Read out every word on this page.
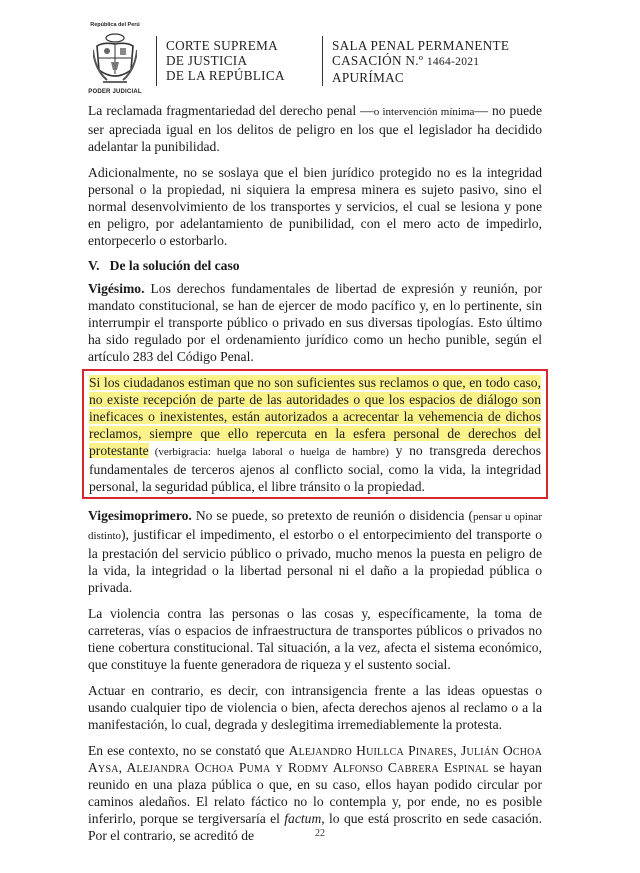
República del Perú
PODER JUDICIAL
CORTE SUPREMA
DE JUSTICIA
DE LA REPÚBLICA
SALA PENAL PERMANENTE
CASACIÓN N.º 1464-2021
APURÍMAC

La reclamada fragmentariedad del derecho penal —o intervención mínima— no puede ser apreciada igual en los delitos de peligro en los que el legislador ha decidido adelantar la punibilidad.

Adicionalmente, no se soslaya que el bien jurídico protegido no es la integridad personal o la propiedad, ni siquiera la empresa minera es sujeto pasivo, sino el normal desenvolvimiento de los transportes y servicios, el cual se lesiona y pone en peligro, por adelantamiento de punibilidad, con el mero acto de impedirlo, entorpecerlo o estorbarlo.

V.   De la solución del caso

Vigésimo. Los derechos fundamentales de libertad de expresión y reunión, por mandato constitucional, se han de ejercer de modo pacífico y, en lo pertinente, sin interrumpir el transporte público o privado en sus diversas tipologías. Esto último ha sido regulado por el ordenamiento jurídico como un hecho punible, según el artículo 283 del Código Penal.

Si los ciudadanos estiman que no son suficientes sus reclamos o que, en todo caso, no existe recepción de parte de las autoridades o que los espacios de diálogo son ineficaces o inexistentes, están autorizados a acrecentar la vehemencia de dichos reclamos, siempre que ello repercuta en la esfera personal de derechos del protestante (verbigracia: huelga laboral o huelga de hambre) y no transgreda derechos fundamentales de terceros ajenos al conflicto social, como la vida, la integridad personal, la seguridad pública, el libre tránsito o la propiedad.

Vigesimoprimero. No se puede, so pretexto de reunión o disidencia (pensar u opinar distinto), justificar el impedimento, el estorbo o el entorpecimiento del transporte o la prestación del servicio público o privado, mucho menos la puesta en peligro de la vida, la integridad o la libertad personal ni el daño a la propiedad pública o privada.

La violencia contra las personas o las cosas y, específicamente, la toma de carreteras, vías o espacios de infraestructura de transportes públicos o privados no tiene cobertura constitucional. Tal situación, a la vez, afecta el sistema económico, que constituye la fuente generadora de riqueza y el sustento social.

Actuar en contrario, es decir, con intransigencia frente a las ideas opuestas o usando cualquier tipo de violencia o bien, afecta derechos ajenos al reclamo o a la manifestación, lo cual, degrada y deslegitima irremediablemente la protesta.

En ese contexto, no se constató que Alejandro Huillca Pinares, Julián Ochoa Aysa, Alejandra Ochoa Puma y Rodmy Alfonso Cabrera Espinal se hayan reunido en una plaza pública o que, en su caso, ellos hayan podido circular por caminos aledaños. El relato fáctico no lo contempla y, por ende, no es posible inferirlo, porque se tergiversaría el factum, lo que está proscrito en sede casación. Por el contrario, se acreditó de	22
